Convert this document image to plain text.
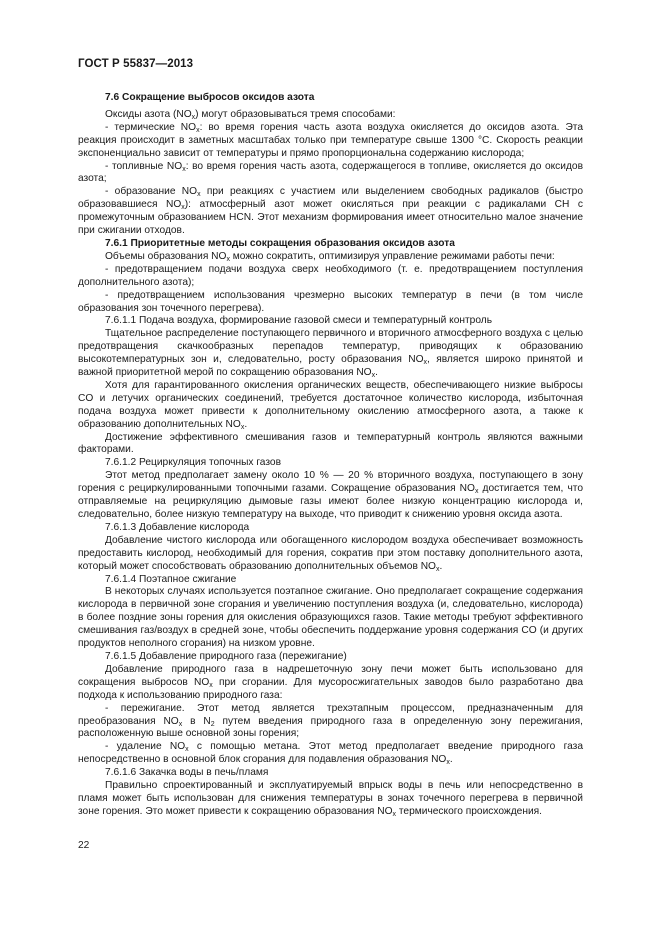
ГОСТ Р 55837—2013

7.6 Сокращение выбросов оксидов азота

Оксиды азота $(NO_x)$ могут образовываться тремя способами:

- термические $NO_x$: во время горения часть азота воздуха окисляется до оксидов азота. Эта реакция происходит в заметных масштабах только при температуре свыше 1300 °С. Скорость реакции экспоненциально зависит от температуры и прямо пропорциональна содержанию кислорода;

- топливные $NO_x$: во время горения часть азота, содержащегося в топливе, окисляется до оксидов азота;

- образование $NO_x$ при реакциях с участием или выделением свободных радикалов (быстро образовавшиеся $NO_x$): атмосферный азот может окисляться при реакции с радикалами CH с промежуточным образованием HCN. Этот механизм формирования имеет относительно малое значение при сжигании отходов.

7.6.1 Приоритетные методы сокращения образования оксидов азота

Объемы образования $NO_x$ можно сократить, оптимизируя управление режимами работы печи:

- предотвращением подачи воздуха сверх необходимого (т. е. предотвращением поступления дополнительного азота);

- предотвращением использования чрезмерно высоких температур в печи (в том числе образования зон точечного перегрева).

7.6.1.1 Подача воздуха, формирование газовой смеси и температурный контроль

Тщательное распределение поступающего первичного и вторичного атмосферного воздуха с целью предотвращения скачкообразных перепадов температур, приводящих к образованию высокотемпературных зон и, следовательно, росту образования $NO_x$, является широко принятой и важной приоритетной мерой по сокращению образования $NO_x$.

Хотя для гарантированного окисления органических веществ, обеспечивающего низкие выбросы CO и летучих органических соединений, требуется достаточное количество кислорода, избыточная подача воздуха может привести к дополнительному окислению атмосферного азота, а также к образованию дополнительных $NO_x$.

Достижение эффективного смешивания газов и температурный контроль являются важными факторами.

7.6.1.2 Рециркуляция топочных газов

Этот метод предполагает замену около 10 % — 20 % вторичного воздуха, поступающего в зону горения с рециркулированными топочными газами. Сокращение образования $NO_x$ достигается тем, что отправляемые на рециркуляцию дымовые газы имеют более низкую концентрацию кислорода и, следовательно, более низкую температуру на выходе, что приводит к снижению уровня оксида азота.

7.6.1.3 Добавление кислорода

Добавление чистого кислорода или обогащенного кислородом воздуха обеспечивает возможность предоставить кислород, необходимый для горения, сократив при этом поставку дополнительного азота, который может способствовать образованию дополнительных объемов $NO_x$.

7.6.1.4 Поэтапное сжигание

В некоторых случаях используется поэтапное сжигание. Оно предполагает сокращение содержания кислорода в первичной зоне сгорания и увеличению поступления воздуха (и, следовательно, кислорода) в более поздние зоны горения для окисления образующихся газов. Такие методы требуют эффективного смешивания газ/воздух в средней зоне, чтобы обеспечить поддержание уровня содержания CO (и других продуктов неполного сгорания) на низком уровне.

7.6.1.5 Добавление природного газа (пережигание)

Добавление природного газа в надрешеточную зону печи может быть использовано для сокращения выбросов $NO_x$ при сгорании. Для мусоросжигательных заводов было разработано два подхода к использованию природного газа:

- пережигание. Этот метод является трехэтапным процессом, предназначенным для преобразования $NO_x$ в $N_2$ путем введения природного газа в определенную зону пережигания, расположенную выше основной зоны горения;

- удаление $NO_x$ с помощью метана. Этот метод предполагает введение природного газа непосредственно в основной блок сгорания для подавления образования $NO_x$.

7.6.1.6 Закачка воды в печь/пламя

Правильно спроектированный и эксплуатируемый впрыск воды в печь или непосредственно в пламя может быть использован для снижения температуры в зонах точечного перегрева в первичной зоне горения. Это может привести к сокращению образования $NO_x$ термического происхождения.

22
